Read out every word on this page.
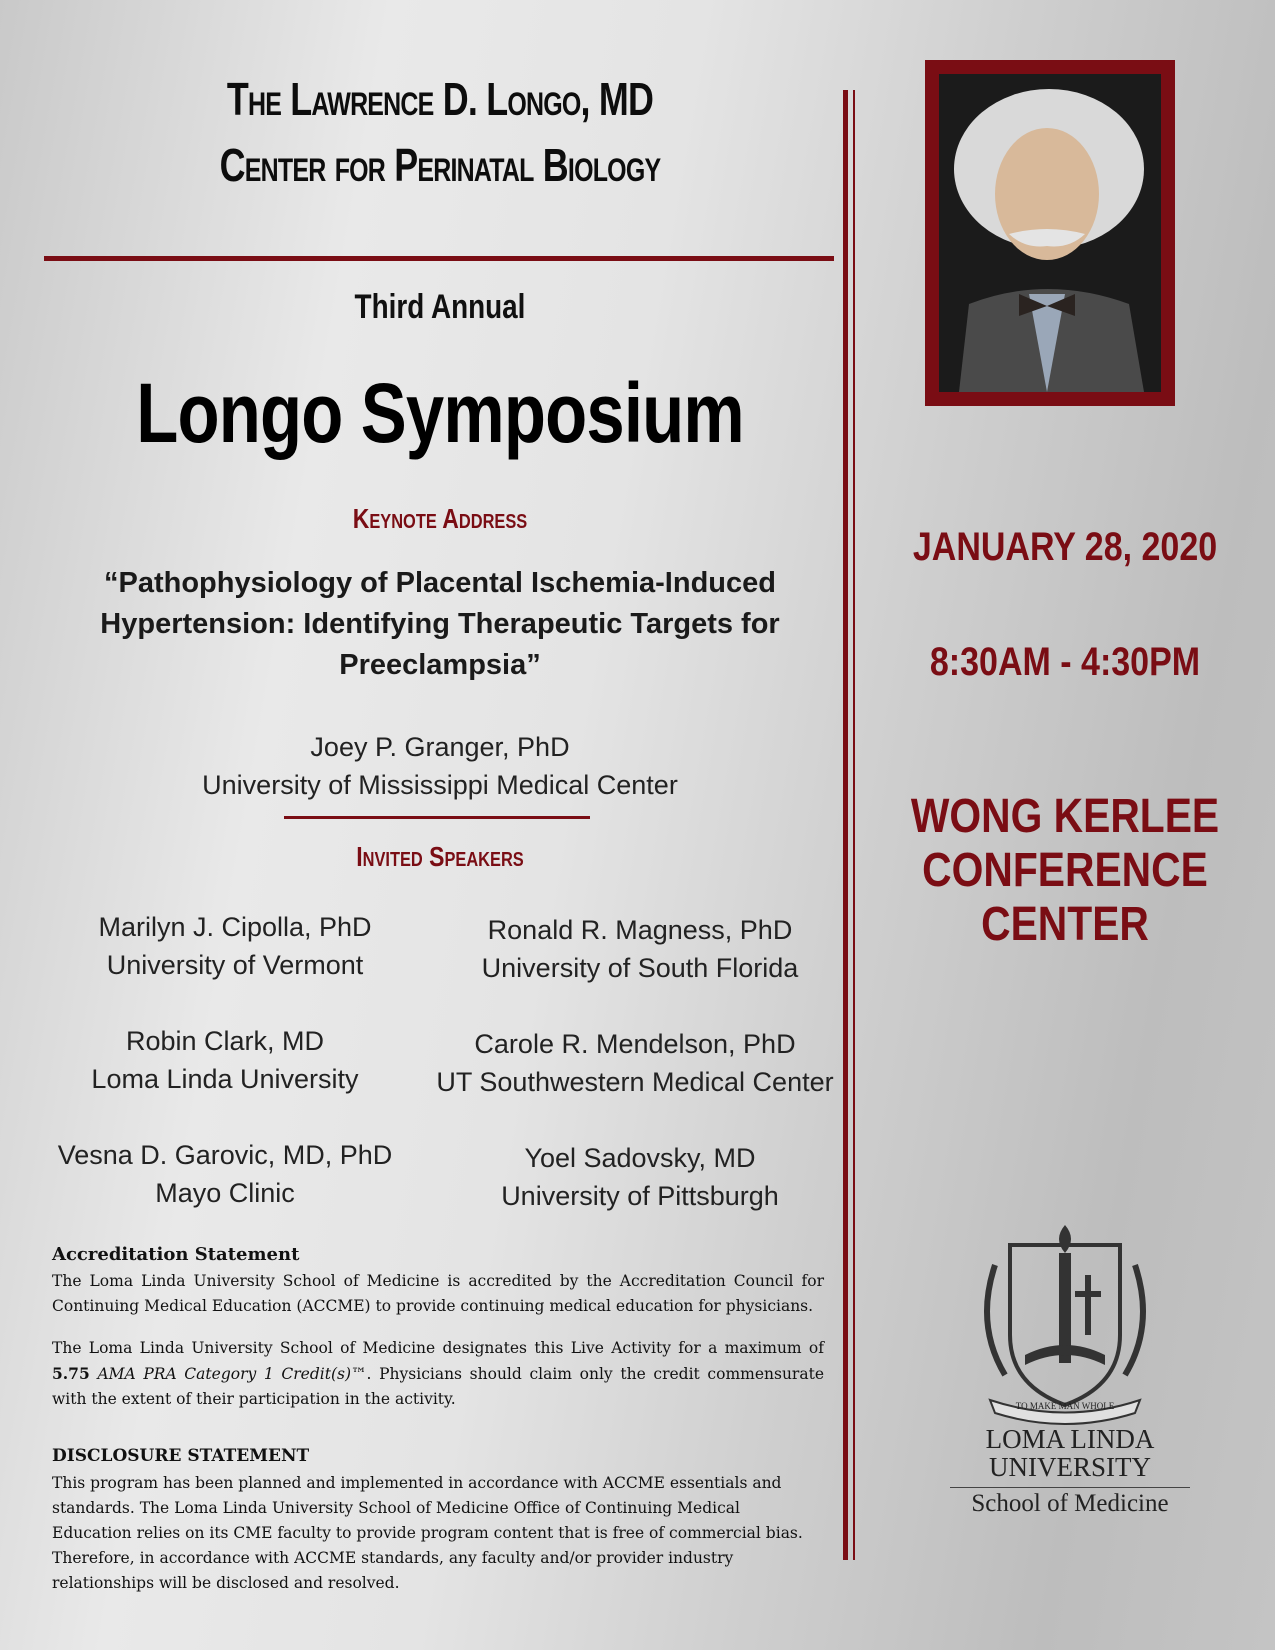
The Lawrence D. Longo, MD
Center for Perinatal Biology
Third Annual
Longo Symposium
Keynote Address
“Pathophysiology of Placental Ischemia-Induced
Hypertension: Identifying Therapeutic Targets for
Preeclampsia”
Joey P. Granger, PhD
University of Mississippi Medical Center
Invited Speakers
Marilyn J. Cipolla, PhD
University of Vermont
Ronald R. Magness, PhD
University of South Florida
Robin Clark, MD
Loma Linda University
Carole R. Mendelson, PhD
UT Southwestern Medical Center
Vesna D. Garovic, MD, PhD
Mayo Clinic
Yoel Sadovsky, MD
University of Pittsburgh
Accreditation Statement
The Loma Linda University School of Medicine is accredited by the Accreditation Council for Continuing Medical Education (ACCME) to provide continuing medical education for physicians.
The Loma Linda University School of Medicine designates this Live Activity for a maximum of 5.75 AMA PRA Category 1 Credit(s)™. Physicians should claim only the credit commensurate with the extent of their participation in the activity.
DISCLOSURE STATEMENT
This program has been planned and implemented in accordance with ACCME essentials and standards. The Loma Linda University School of Medicine Office of Continuing Medical Education relies on its CME faculty to provide program content that is free of commercial bias. Therefore, in accordance with ACCME standards, any faculty and/or provider industry relationships will be disclosed and resolved.
JANUARY 28, 2020
8:30AM - 4:30PM
WONG KERLEE
CONFERENCE
CENTER
TO MAKE MAN WHOLE
LOMA LINDA
UNIVERSITY
School of Medicine
